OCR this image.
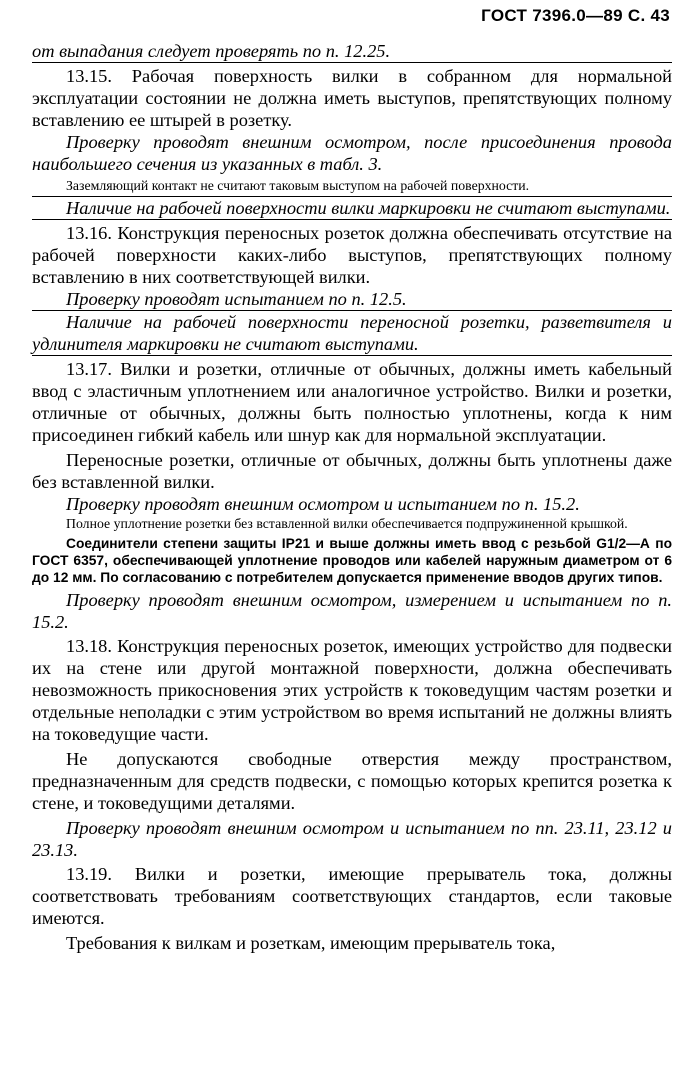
ГОСТ 7396.0—89 С. 43

от выпадания следует проверять по п. 12.25.

13.15. Рабочая поверхность вилки в собранном для нормальной эксплуатации состоянии не должна иметь выступов, препятствующих полному вставлению ее штырей в розетку.

Проверку проводят внешним осмотром, после присоединения провода наибольшего сечения из указанных в табл. 3.

Заземляющий контакт не считают таковым выступом на рабочей поверхности.

Наличие на рабочей поверхности вилки маркировки не считают выступами.

13.16. Конструкция переносных розеток должна обеспечивать отсутствие на рабочей поверхности каких-либо выступов, препятствующих полному вставлению в них соответствующей вилки.

Проверку проводят испытанием по п. 12.5.

Наличие на рабочей поверхности переносной розетки, разветвителя и удлинителя маркировки не считают выступами.

13.17. Вилки и розетки, отличные от обычных, должны иметь кабельный ввод с эластичным уплотнением или аналогичное устройство. Вилки и розетки, отличные от обычных, должны быть полностью уплотнены, когда к ним присоединен гибкий кабель или шнур как для нормальной эксплуатации.

Переносные розетки, отличные от обычных, должны быть уплотнены даже без вставленной вилки.

Проверку проводят внешним осмотром и испытанием по п. 15.2.

Полное уплотнение розетки без вставленной вилки обеспечивается подпружиненной крышкой.

Соединители степени защиты IP21 и выше должны иметь ввод с резьбой G1/2—А по ГОСТ 6357, обеспечивающей уплотнение проводов или кабелей наружным диаметром от 6 до 12 мм. По согласованию с потребителем допускается применение вводов других типов.

Проверку проводят внешним осмотром, измерением и испытанием по п. 15.2.

13.18. Конструкция переносных розеток, имеющих устройство для подвески их на стене или другой монтажной поверхности, должна обеспечивать невозможность прикосновения этих устройств к токоведущим частям розетки и отдельные неполадки с этим устройством во время испытаний не должны влиять на токоведущие части.

Не допускаются свободные отверстия между пространством, предназначенным для средств подвески, с помощью которых крепится розетка к стене, и токоведущими деталями.

Проверку проводят внешним осмотром и испытанием по пп. 23.11, 23.12 и 23.13.

13.19. Вилки и розетки, имеющие прерыватель тока, должны соответствовать требованиям соответствующих стандартов, если таковые имеются.

Требования к вилкам и розеткам, имеющим прерыватель тока,
